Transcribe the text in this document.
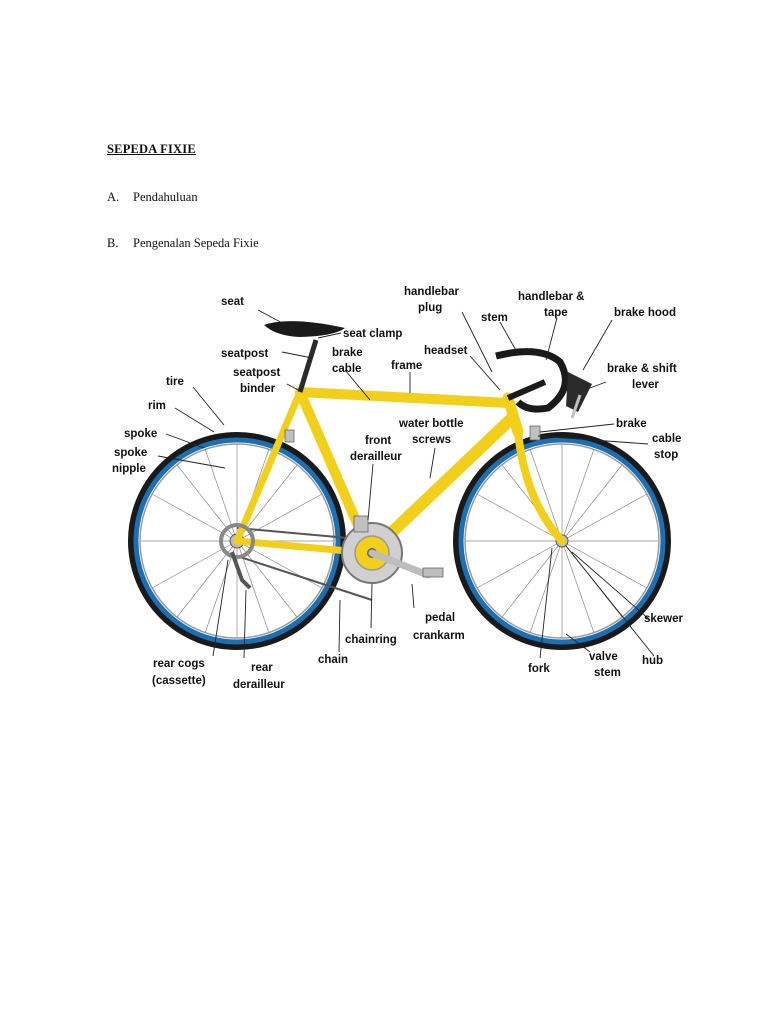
SEPEDA FIXIE
A. Pendahuluan
B. Pengenalan Sepeda Fixie
seat
seat clamp
seatpost	brake
cable	frame
seatpost
binder
tire
rim
spoke
spoke
nipple
handlebar
plug
stem
handlebar &
tape	brake hood
headset
brake & shift
lever
water bottle
screws
front
derailleur
brake
cable
stop
pedal
crankarm
chainring
chain
skewer
hub
fork
valve
stem
rear cogs
(cassette)
rear
derailleur
